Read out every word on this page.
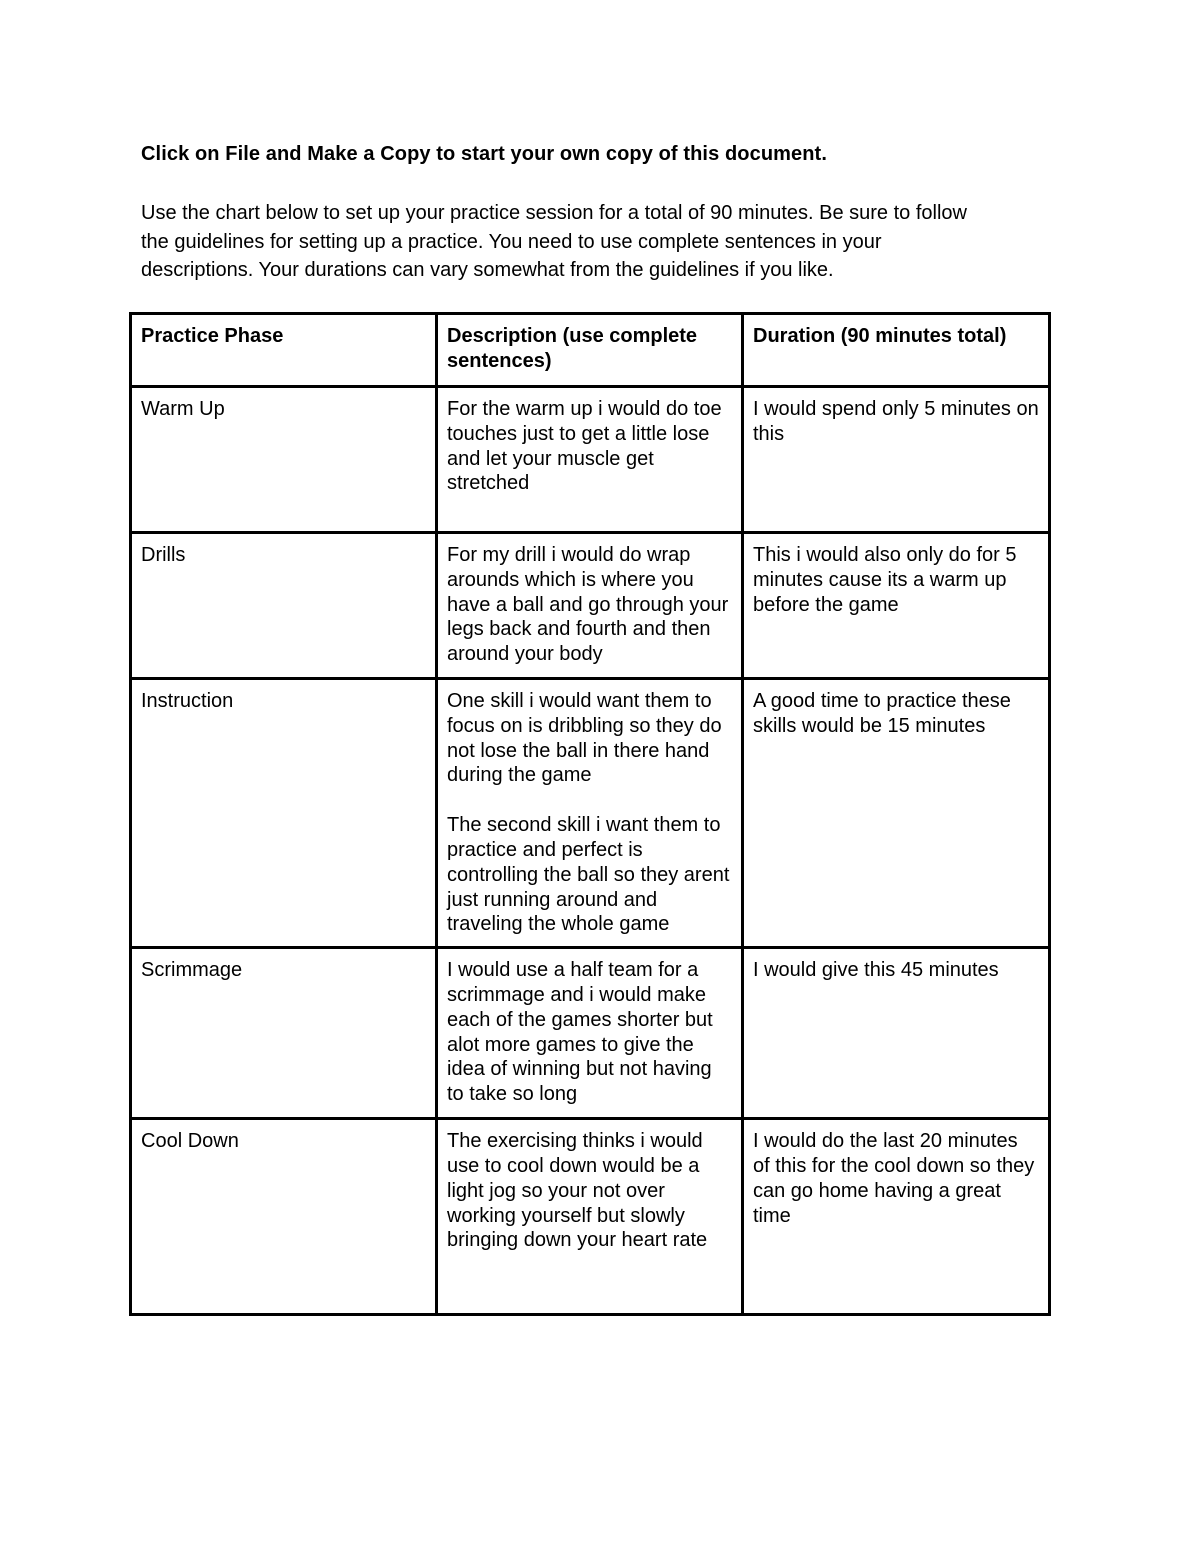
Click on File and Make a Copy to start your own copy of this document.

Use the chart below to set up your practice session for a total of 90 minutes. Be sure to follow

the guidelines for setting up a practice. You need to use complete sentences in your

descriptions. Your durations can vary somewhat from the guidelines if you like.

Practice Phase	Description (use complete sentences)	Duration (90 minutes total)
Warm Up	For the warm up i would do toe touches just to get a little lose and let your muscle get stretched	I would spend only 5 minutes on this
Drills	For my drill i would do wrap arounds which is where you have a ball and go through your legs back and fourth and then around your body	This i would also only do for 5 minutes cause its a warm up before the game
Instruction	One skill i would want them to focus on is dribbling so they do not lose the ball in there hand during the game
The second skill i want them to practice and perfect is controlling the ball so they arent just running around and traveling the whole game	A good time to practice these skills would be 15 minutes
Scrimmage	I would use a half team for a scrimmage and i would make each of the games shorter but alot more games to give the idea of winning but not having to take so long	I would give this 45 minutes
Cool Down	The exercising thinks i would use to cool down would be a light jog so your not over working yourself but slowly bringing down your heart rate	I would do the last 20 minutes of this for the cool down so they can go home having a great time
